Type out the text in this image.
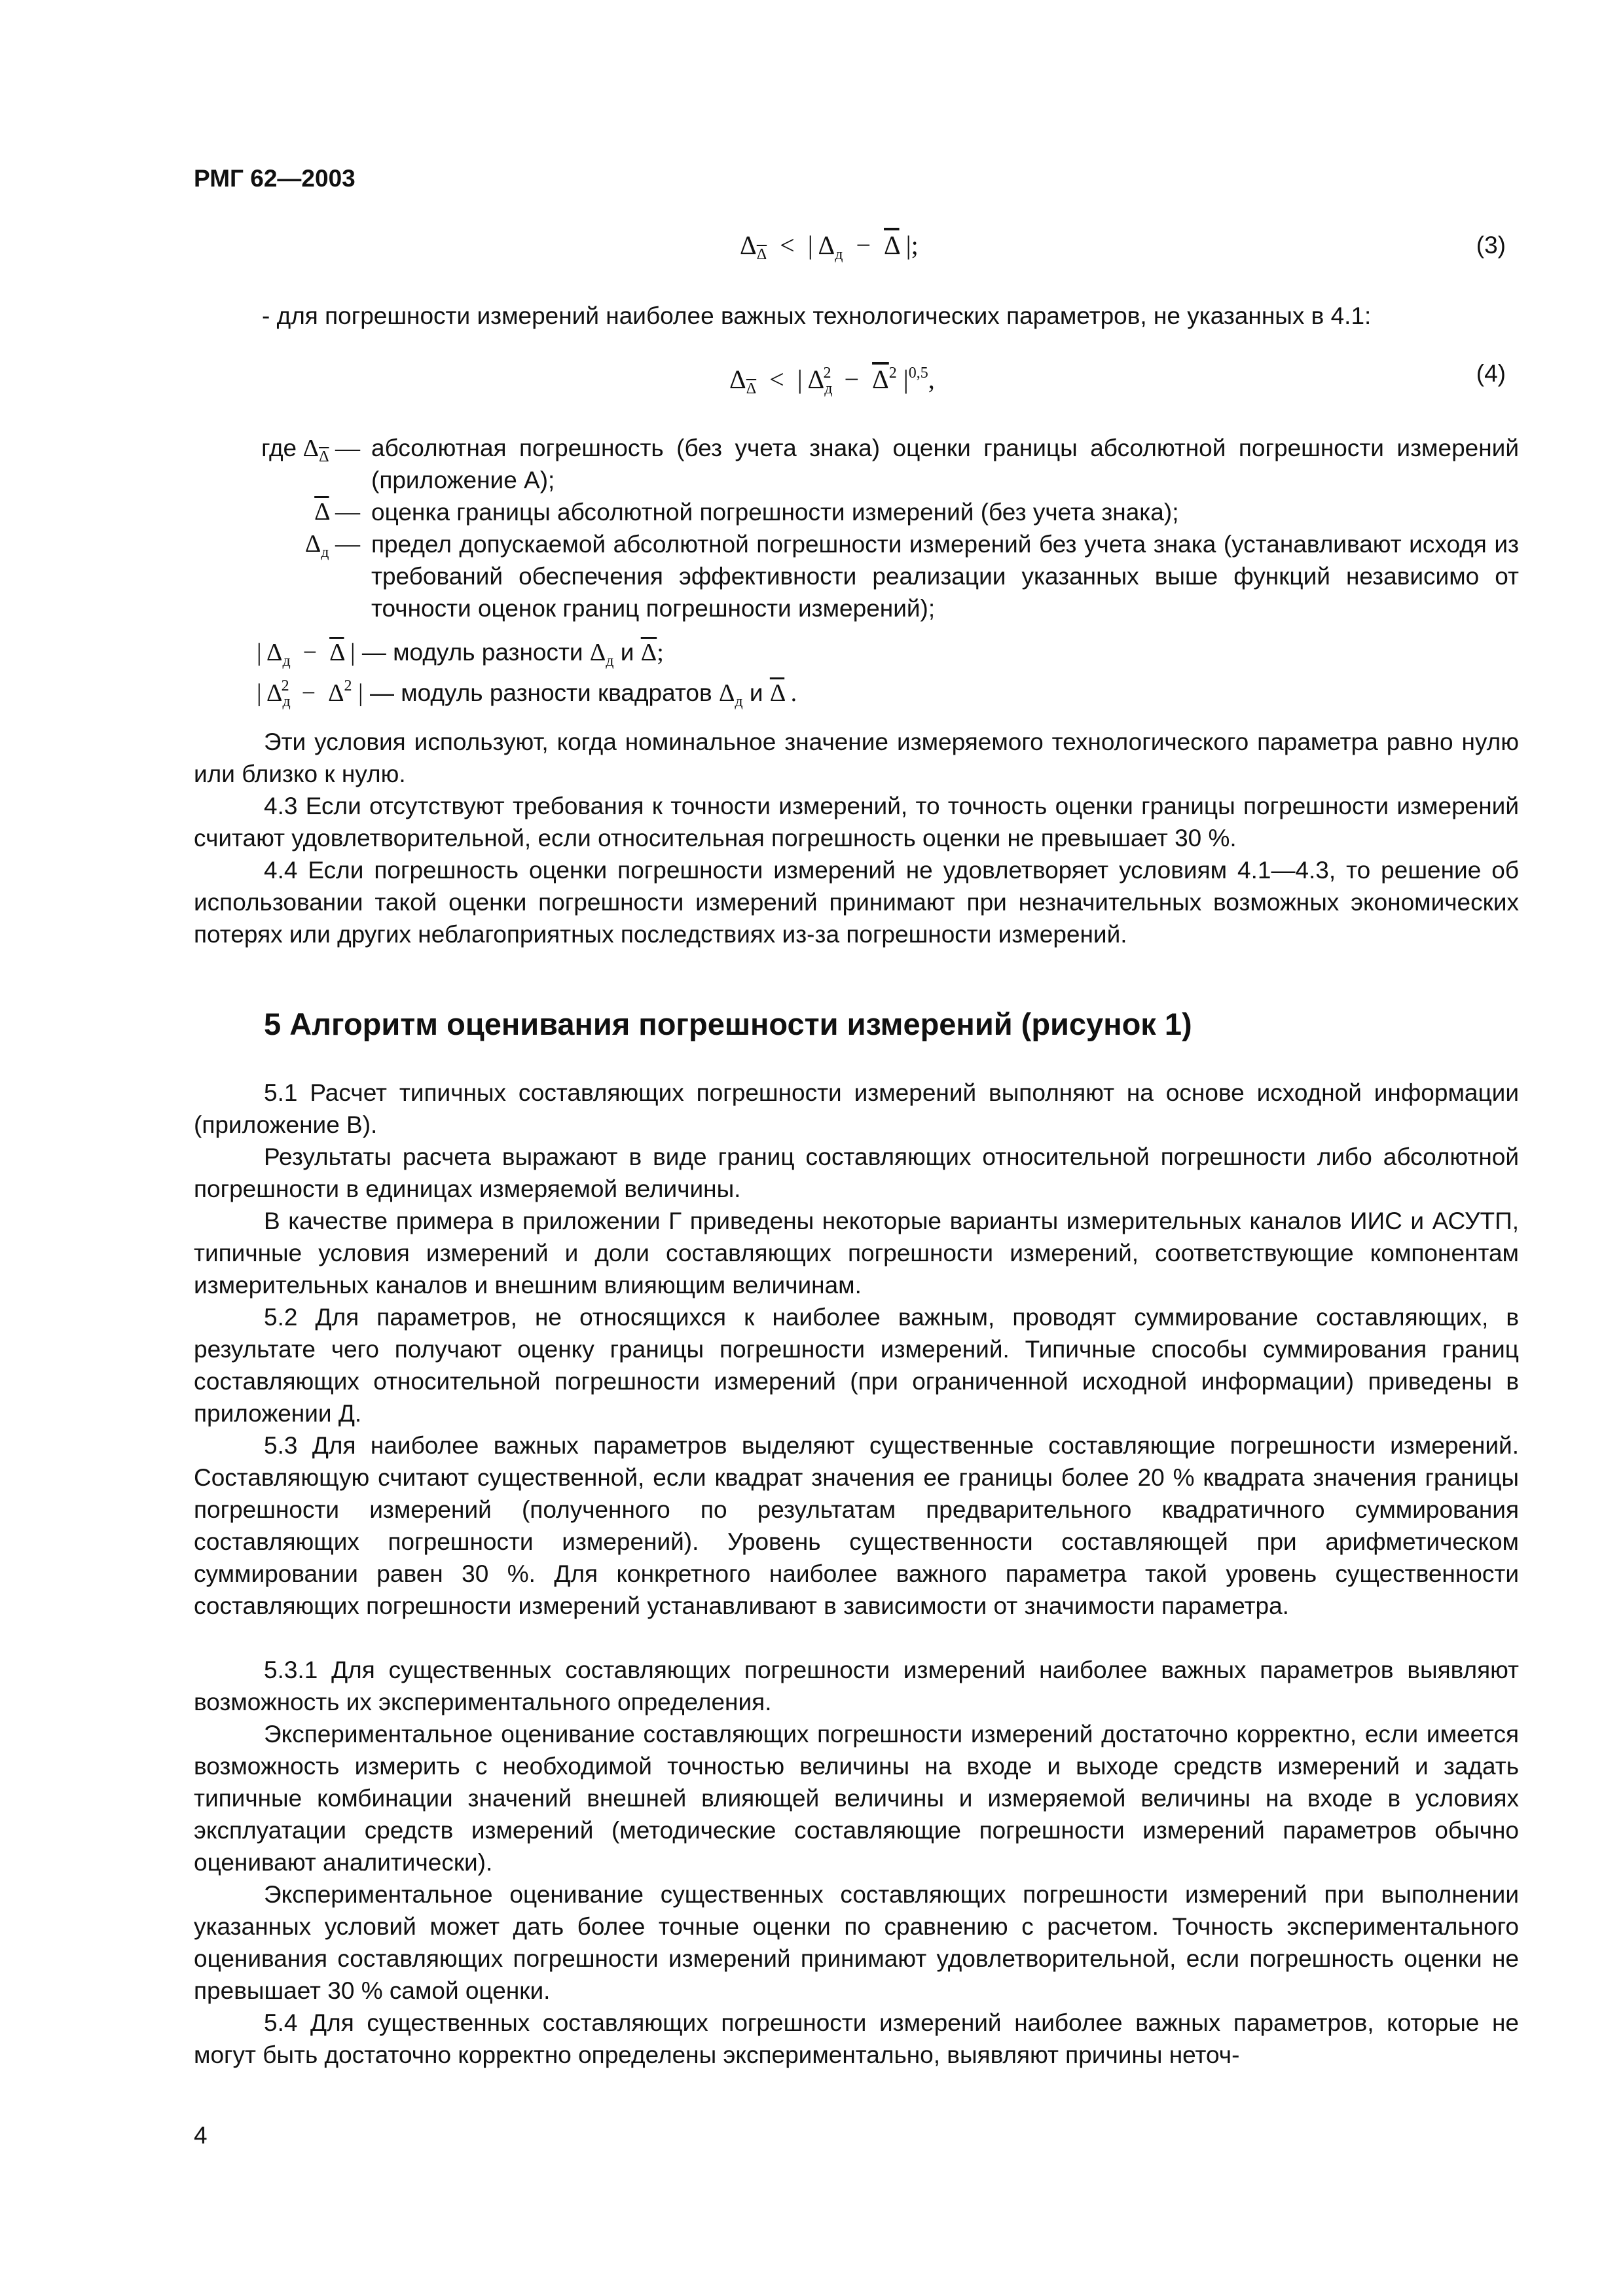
РМГ 62—2003
$\Delta_{\overline{\Delta}}$  <  | $\Delta_д - \overline{\Delta}$ |;	(3)
- для погрешности измерений наиболее важных технологических параметров, не указанных в 4.1:
$\Delta_{\overline{\Delta}}$  <  | $\Delta_д^2 - \overline{\Delta}^2$ $|^{0,5}$,	(4)
где $\Delta_{\overline{\Delta}}$ — абсолютная погрешность (без учета знака) оценки границы абсолютной погрешности измерений (приложение А);
$\overline{\Delta}$ — оценка границы абсолютной погрешности измерений (без учета знака);
$\Delta_д$ — предел допускаемой абсолютной погрешности измерений без учета знака (устанавливают исходя из требований обеспечения эффективности реализации указанных выше функций независимо от точности оценок границ погрешности измерений);
| $\Delta_д - \overline{\Delta}$ | — модуль разности $\Delta_д$ и $\overline{\Delta}$;
| $\Delta_д^2 - \Delta^2$ | — модуль разности квадратов $\Delta_д$ и $\overline{\Delta}$ .
Эти условия используют, когда номинальное значение измеряемого технологического параметра равно нулю или близко к нулю.
4.3 Если отсутствуют требования к точности измерений, то точность оценки границы погрешности измерений считают удовлетворительной, если относительная погрешность оценки не превышает 30 %.
4.4 Если погрешность оценки погрешности измерений не удовлетворяет условиям 4.1—4.3, то решение об использовании такой оценки погрешности измерений принимают при незначительных возможных экономических потерях или других неблагоприятных последствиях из-за погрешности измерений.
5 Алгоритм оценивания погрешности измерений (рисунок 1)
5.1 Расчет типичных составляющих погрешности измерений выполняют на основе исходной информации (приложение В).
Результаты расчета выражают в виде границ составляющих относительной погрешности либо абсолютной погрешности в единицах измеряемой величины.
В качестве примера в приложении Г приведены некоторые варианты измерительных каналов ИИС и АСУТП, типичные условия измерений и доли составляющих погрешности измерений, соответствующие компонентам измерительных каналов и внешним влияющим величинам.
5.2 Для параметров, не относящихся к наиболее важным, проводят суммирование составляющих, в результате чего получают оценку границы погрешности измерений. Типичные способы суммирования границ составляющих относительной погрешности измерений (при ограниченной исходной информации) приведены в приложении Д.
5.3 Для наиболее важных параметров выделяют существенные составляющие погрешности измерений. Составляющую считают существенной, если квадрат значения ее границы более 20 % квадрата значения границы погрешности измерений (полученного по результатам предварительного квадратичного суммирования составляющих погрешности измерений). Уровень существенности составляющей при арифметическом суммировании равен 30 %. Для конкретного наиболее важного параметра такой уровень существенности составляющих погрешности измерений устанавливают в зависимости от значимости параметра.
5.3.1 Для существенных составляющих погрешности измерений наиболее важных параметров выявляют возможность их экспериментального определения.
Экспериментальное оценивание составляющих погрешности измерений достаточно корректно, если имеется возможность измерить с необходимой точностью величины на входе и выходе средств измерений и задать типичные комбинации значений внешней влияющей величины и измеряемой величины на входе в условиях эксплуатации средств измерений (методические составляющие погрешности измерений параметров обычно оценивают аналитически).
Экспериментальное оценивание существенных составляющих погрешности измерений при выполнении указанных условий может дать более точные оценки по сравнению с расчетом. Точность экспериментального оценивания составляющих погрешности измерений принимают удовлетворительной, если погрешность оценки не превышает 30 % самой оценки.
5.4 Для существенных составляющих погрешности измерений наиболее важных параметров, которые не могут быть достаточно корректно определены экспериментально, выявляют причины неточ-
4
